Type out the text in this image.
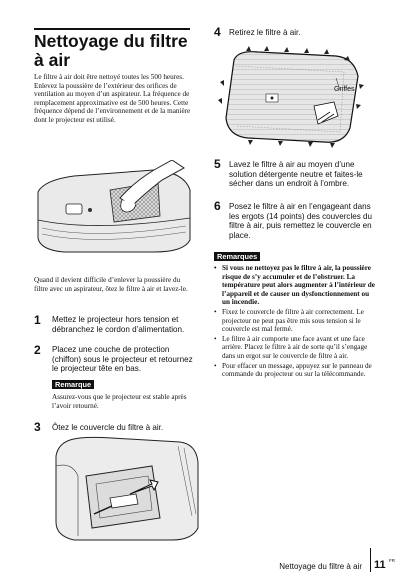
Nettoyage du filtre à air
Le filtre à air doit être nettoyé toutes les 500 heures. Enlevez la poussière de l’extérieur des orifices de ventilation au moyen d’un aspirateur. La fréquence de remplacement approximative est de 500 heures. Cette fréquence dépend de l’environnement et de la manière dont le projecteur est utilisé.
Quand il devient difficile d’enlever la poussière du filtre avec un aspirateur, ôtez le filtre à air et lavez-le.
1 Mettez le projecteur hors tension et débranchez le cordon d’alimentation.
2 Placez une couche de protection (chiffon) sous le projecteur et retournez le projecteur tête en bas.
Remarque
Assurez-vous que le projecteur est stable après l’avoir retourné.
3 Ôtez le couvercle du filtre à air.
4 Retirez le filtre à air.
Griffes
5 Lavez le filtre à air au moyen d’une solution détergente neutre et faites-le sécher dans un endroit à l’ombre.
6 Posez le filtre à air en l’engageant dans les ergots (14 points) des couvercles du filtre à air, puis remettez le couvercle en place.
Remarques
• Si vous ne nettoyez pas le filtre à air, la poussière risque de s’y accumuler et de l’obstruer. La température peut alors augmenter à l’intérieur de l’appareil et de causer un dysfonctionnement ou un incendie.
• Fixez le couvercle de filtre à air correctement. Le projecteur ne peut pas être mis sous tension si le couvercle est mal fermé.
• Le filtre à air comporte une face avant et une face arrière. Placez le filtre à air de sorte qu’il s’engage dans un ergot sur le couvercle de filtre à air.
• Pour effacer un message, appuyez sur le panneau de commande du projecteur ou sur la télécommande.
Nettoyage du filtre à air 11 FR
